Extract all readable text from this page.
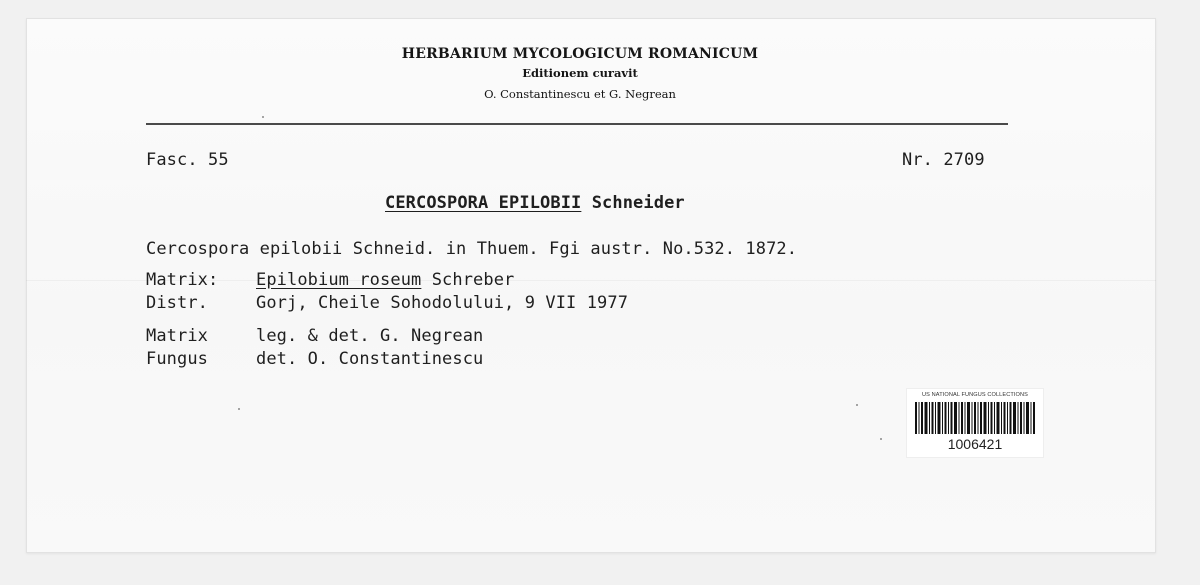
HERBARIUM MYCOLOGICUM ROMANICUM
Editionem curavit
O. Constantinescu et G. Negrean
Fasc. 55	Nr. 2709
CERCOSPORA EPILOBII Schneider
Cercospora epilobii Schneid. in Thuem. Fgi austr. No.532. 1872.
Matrix: Epilobium roseum Schreber
Distr.	Gorj, Cheile Sohodolului, 9 VII 1977
Matrix	leg. & det. G. Negrean
Fungus	det. O. Constantinescu
US NATIONAL FUNGUS COLLECTIONS
1006421
